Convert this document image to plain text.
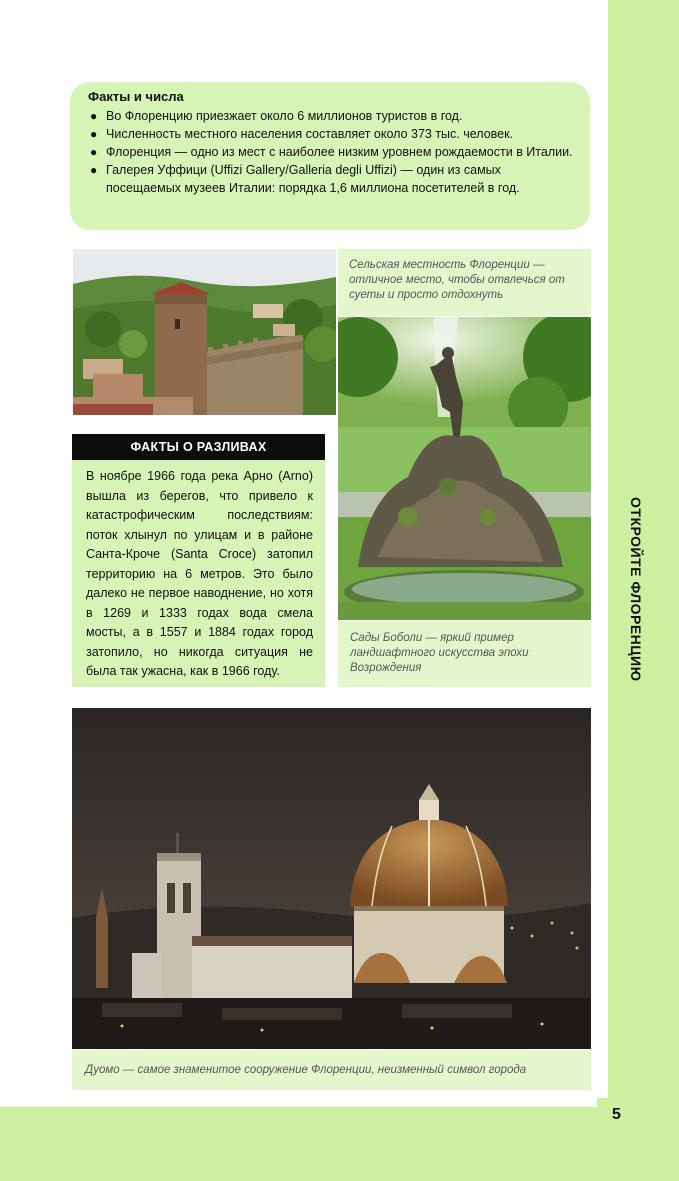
ОТКРОЙТЕ ФЛОРЕНЦИЮ
5
Факты и числа
● Во Флоренцию приезжает около 6 миллионов туристов в год.
● Численность местного населения составляет около 373 тыс. человек.
● Флоренция — одно из мест с наиболее низким уровнем рождаемости в Италии.
● Галерея Уффици (Uffizi Gallery/Galleria degli Uffizi) — один из самых посещаемых музеев Италии: порядка 1,6 миллиона посетителей в год.
Сельская местность Флоренции — отличное место, чтобы отвлечься от суеты и просто отдохнуть
Сады Боболи — яркий пример ландшафтного искусства эпохи Возрождения
ФАКТЫ О РАЗЛИВАХ
В ноябре 1966 года река Арно (Arno) вышла из берегов, что привело к катастрофическим последствиям: поток хлынул по улицам и в районе Санта-Кроче (Santa Croce) затопил территорию на 6 метров. Это было далеко не первое наводнение, но хотя в 1269 и 1333 годах вода смела мосты, а в 1557 и 1884 годах город затопило, но никогда ситуация не была так ужасна, как в 1966 году.
Дуомо — самое знаменитое сооружение Флоренции, неизменный символ города
